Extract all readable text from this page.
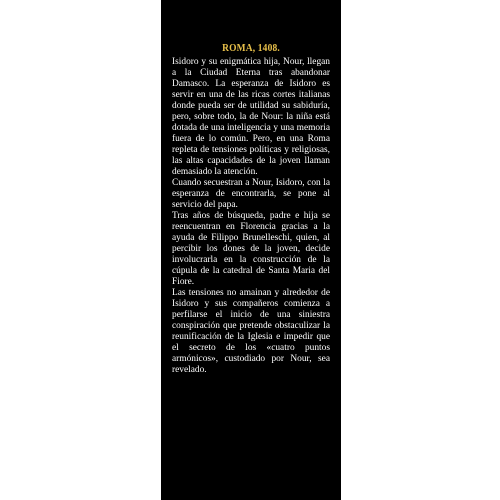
ROMA, 1408.

Isidoro y su enigmática hija, Nour, llegan a la Ciudad Eterna tras abandonar Damasco. La esperanza de Isidoro es servir en una de las ricas cortes italianas donde pueda ser de utilidad su sabiduría, pero, sobre todo, la de Nour: la niña está dotada de una inteligencia y una memoria fuera de lo común. Pero, en una Roma repleta de tensiones políticas y religiosas, las altas capacidades de la joven llaman demasiado la atención.

Cuando secuestran a Nour, Isidoro, con la esperanza de encontrarla, se pone al servicio del papa.

Tras años de búsqueda, padre e hija se reencuentran en Florencia gracias a la ayuda de Filippo Brunelleschi, quien, al percibir los dones de la joven, decide involucrarla en la construcción de la cúpula de la catedral de Santa Maria del Fiore.

Las tensiones no amainan y alrededor de Isidoro y sus compañeros comienza a perfilarse el inicio de una siniestra conspiración que pretende obstaculizar la reunificación de la Iglesia e impedir que el secreto de los «cuatro puntos armónicos», custodiado por Nour, sea revelado.
